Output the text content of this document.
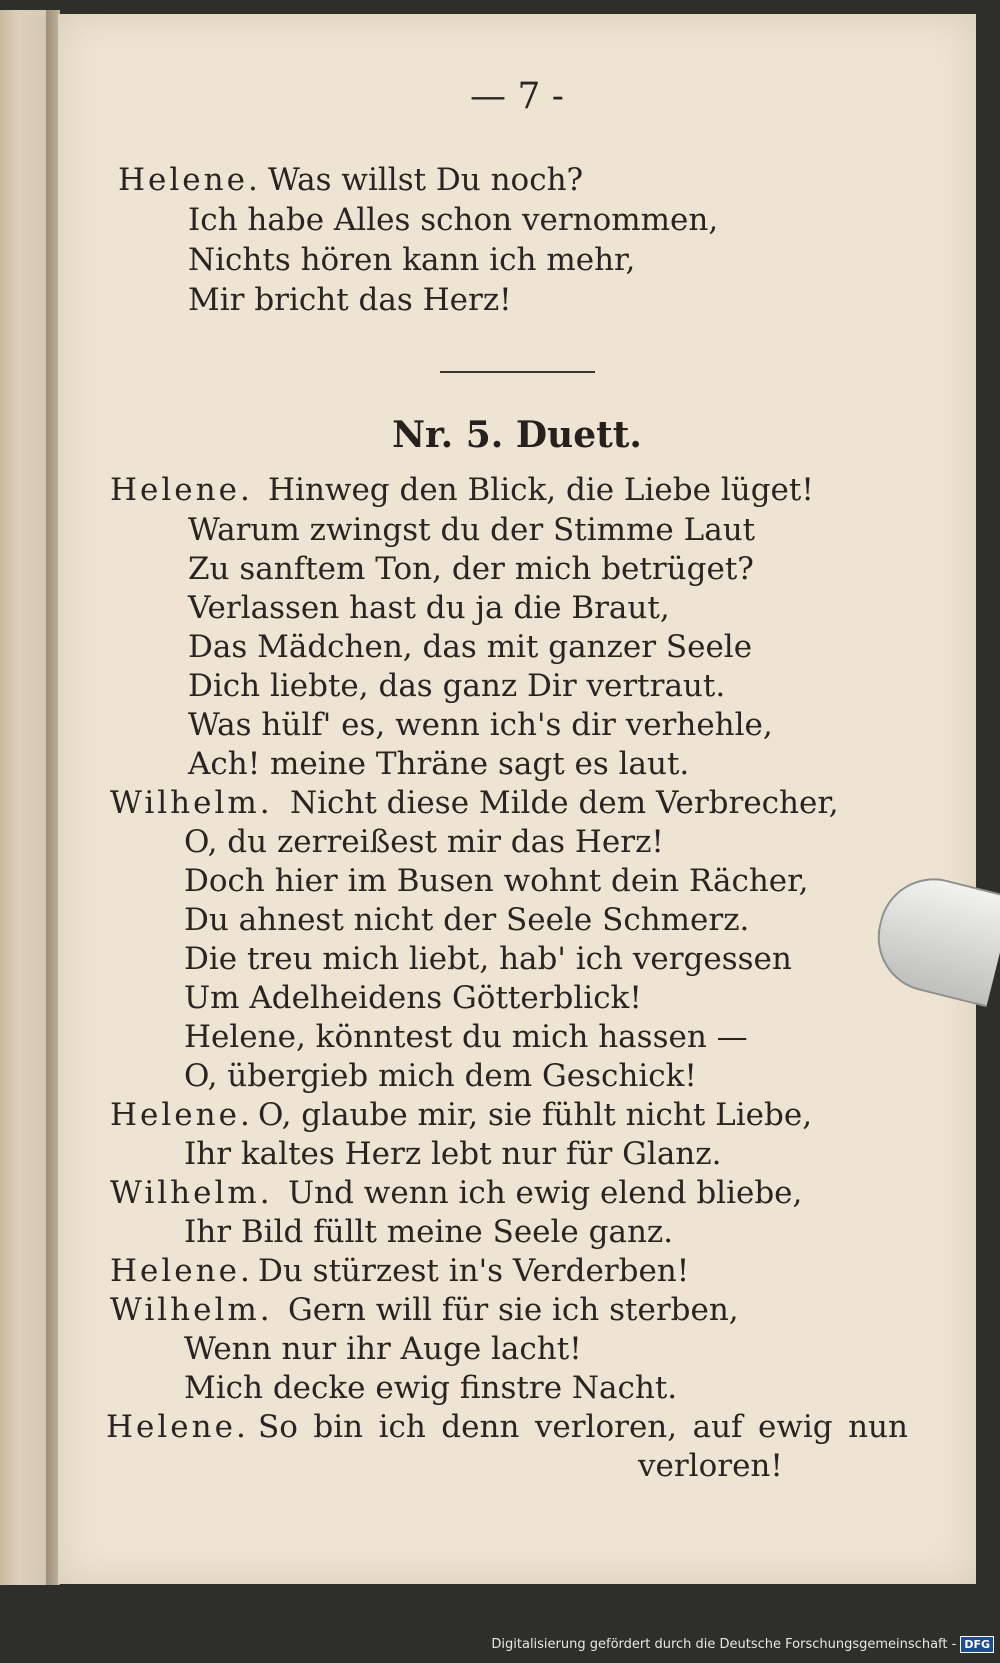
— 7 -
Helene. Was willst Du noch?
Ich habe Alles schon vernommen,
Nichts hören kann ich mehr,
Mir bricht das Herz!
Nr. 5. Duett.
Helene. Hinweg den Blick, die Liebe lüget!
Warum zwingst du der Stimme Laut
Zu sanftem Ton, der mich betrüget?
Verlassen hast du ja die Braut,
Das Mädchen, das mit ganzer Seele
Dich liebte, das ganz Dir vertraut.
Was hülf' es, wenn ich's dir verhehle,
Ach! meine Thräne sagt es laut.
Wilhelm. Nicht diese Milde dem Verbrecher,
O, du zerreißest mir das Herz!
Doch hier im Busen wohnt dein Rächer,
Du ahnest nicht der Seele Schmerz.
Die treu mich liebt, hab' ich vergessen
Um Adelheidens Götterblick!
Helene, könntest du mich hassen —
O, übergieb mich dem Geschick!
Helene. O, glaube mir, sie fühlt nicht Liebe,
Ihr kaltes Herz lebt nur für Glanz.
Wilhelm. Und wenn ich ewig elend bliebe,
Ihr Bild füllt meine Seele ganz.
Helene. Du stürzest in's Verderben!
Wilhelm. Gern will für sie ich sterben,
Wenn nur ihr Auge lacht!
Mich decke ewig finstre Nacht.
Helene. So bin ich denn verloren, auf ewig nun
verloren!
Digitalisierung gefördert durch die Deutsche Forschungsgemeinschaft - DFG
